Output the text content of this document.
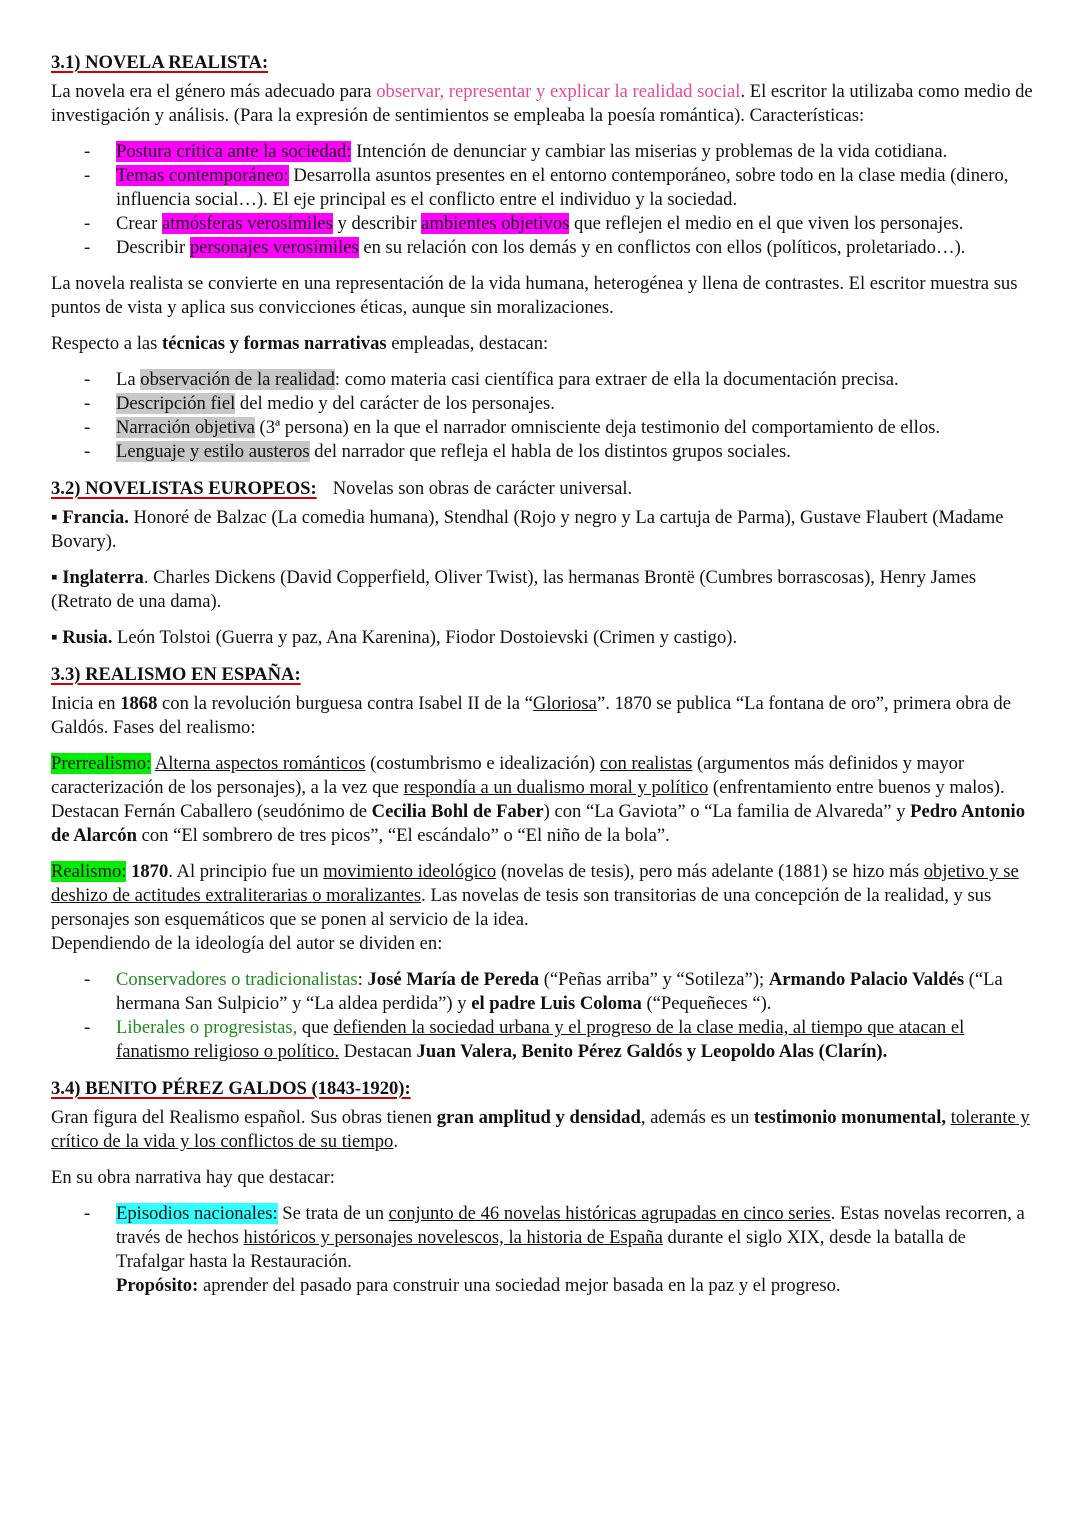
3.1) NOVELA REALISTA:

La novela era el género más adecuado para observar, representar y explicar la realidad social. El escritor la utilizaba como medio de investigación y análisis. (Para la expresión de sentimientos se empleaba la poesía romántica). Características:

- Postura crítica ante la sociedad: Intención de denunciar y cambiar las miserias y problemas de la vida cotidiana.
- Temas contemporáneo: Desarrolla asuntos presentes en el entorno contemporáneo, sobre todo en la clase media (dinero, influencia social…). El eje principal es el conflicto entre el individuo y la sociedad.
- Crear atmósferas verosímiles y describir ambientes objetivos que reflejen el medio en el que viven los personajes.
- Describir personajes verosímiles en su relación con los demás y en conflictos con ellos (políticos, proletariado…).

La novela realista se convierte en una representación de la vida humana, heterogénea y llena de contrastes. El escritor muestra sus puntos de vista y aplica sus convicciones éticas, aunque sin moralizaciones.

Respecto a las técnicas y formas narrativas empleadas, destacan:

- La observación de la realidad: como materia casi científica para extraer de ella la documentación precisa.
- Descripción fiel del medio y del carácter de los personajes.
- Narración objetiva (3ª persona) en la que el narrador omnisciente deja testimonio del comportamiento de ellos.
- Lenguaje y estilo austeros del narrador que refleja el habla de los distintos grupos sociales.
3.2) NOVELISTAS EUROPEOS: Novelas son obras de carácter universal.

▪ Francia. Honoré de Balzac (La comedia humana), Stendhal (Rojo y negro y La cartuja de Parma), Gustave Flaubert (Madame Bovary).

▪ Inglaterra. Charles Dickens (David Copperfield, Oliver Twist), las hermanas Brontë (Cumbres borrascosas), Henry James (Retrato de una dama).

▪ Rusia. León Tolstoi (Guerra y paz, Ana Karenina), Fiodor Dostoievski (Crimen y castigo).

3.3) REALISMO EN ESPAÑA:

Inicia en 1868 con la revolución burguesa contra Isabel II de la “Gloriosa”. 1870 se publica “La fontana de oro”, primera obra de Galdós. Fases del realismo:

Prerrealismo: Alterna aspectos románticos (costumbrismo e idealización) con realistas (argumentos más definidos y mayor caracterización de los personajes), a la vez que respondía a un dualismo moral y político (enfrentamiento entre buenos y malos). Destacan Fernán Caballero (seudónimo de Cecilia Bohl de Faber) con “La Gaviota” o “La familia de Alvareda” y Pedro Antonio de Alarcón con “El sombrero de tres picos”, “El escándalo” o “El niño de la bola”.

Realismo: 1870. Al principio fue un movimiento ideológico (novelas de tesis), pero más adelante (1881) se hizo más objetivo y se deshizo de actitudes extraliterarias o moralizantes. Las novelas de tesis son transitorias de una concepción de la realidad, y sus personajes son esquemáticos que se ponen al servicio de la idea.
Dependiendo de la ideología del autor se dividen en:

- Conservadores o tradicionalistas: José María de Pereda (“Peñas arriba” y “Sotileza”); Armando Palacio Valdés (“La hermana San Sulpicio” y “La aldea perdida”) y el padre Luis Coloma (“Pequeñeces “).
- Liberales o progresistas, que defienden la sociedad urbana y el progreso de la clase media, al tiempo que atacan el fanatismo religioso o político. Destacan Juan Valera, Benito Pérez Galdós y Leopoldo Alas (Clarín).
3.4) BENITO PÉREZ GALDOS (1843-1920):

Gran figura del Realismo español. Sus obras tienen gran amplitud y densidad, además es un testimonio monumental, tolerante y crítico de la vida y los conflictos de su tiempo.

En su obra narrativa hay que destacar:

- Episodios nacionales: Se trata de un conjunto de 46 novelas históricas agrupadas en cinco series. Estas novelas recorren, a través de hechos históricos y personajes novelescos, la historia de España durante el siglo XIX, desde la batalla de Trafalgar hasta la Restauración.
Propósito: aprender del pasado para construir una sociedad mejor basada en la paz y el progreso.
